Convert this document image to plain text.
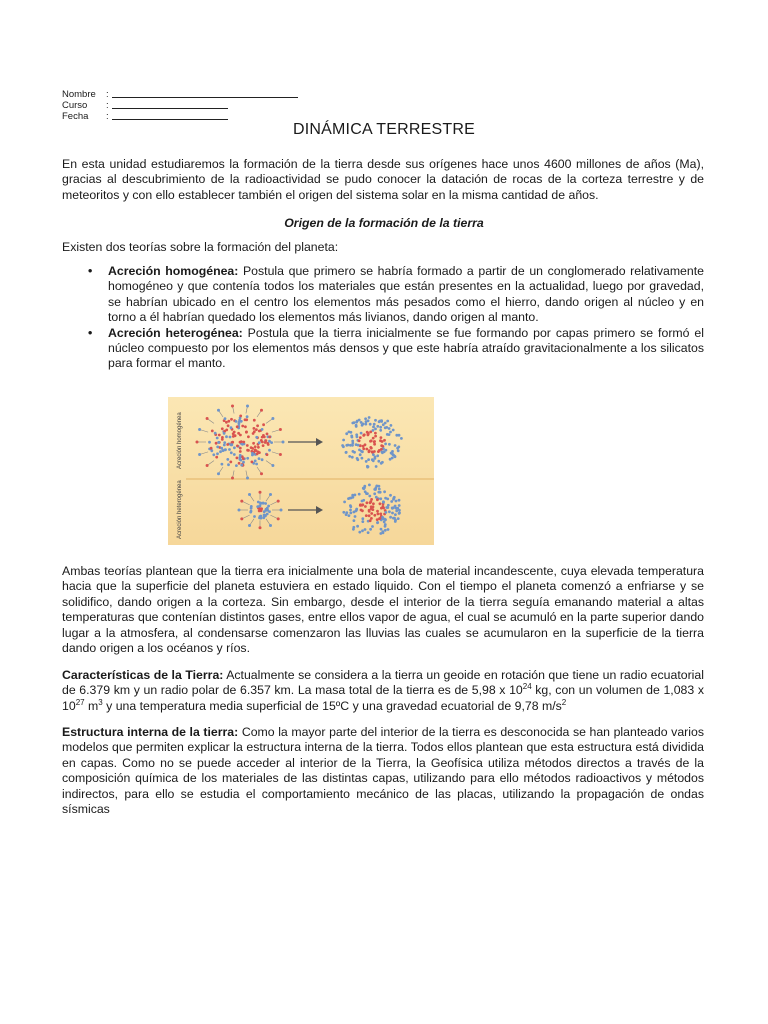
Nombre	:
Curso	:
Fecha	:
DINÁMICA TERRESTRE
En esta unidad estudiaremos la formación de la tierra desde sus orígenes hace unos 4600 millones de años (Ma), gracias al descubrimiento de la radioactividad se pudo conocer la datación de rocas de la corteza terrestre y de meteoritos y con ello establecer también el origen del sistema solar en la misma cantidad de años.
Origen de la formación de la tierra
Existen dos teorías sobre la formación del planeta:
• Acreción homogénea: Postula que primero se habría formado a partir de un conglomerado relativamente homogéneo y que contenía todos los materiales que están presentes en la actualidad, luego por gravedad, se habrían ubicado en el centro los elementos más pesados como el hierro, dando origen al núcleo y en torno a él habrían quedado los elementos más livianos, dando origen al manto.
• Acreción heterogénea: Postula que la tierra inicialmente se fue formando por capas primero se formó el núcleo compuesto por los elementos más densos y que este habría atraído gravitacionalmente a los silicatos para formar el manto.
Acreción homogénea
Acreción heterogénea
Ambas teorías plantean que la tierra era inicialmente una bola de material incandescente, cuya elevada temperatura hacia que la superficie del planeta estuviera en estado liquido. Con el tiempo el planeta comenzó a enfriarse y se solidifico, dando origen a la corteza. Sin embargo, desde el interior de la tierra seguía emanando material a altas temperaturas que contenían distintos gases, entre ellos vapor de agua, el cual se acumuló en la parte superior dando lugar a la atmosfera, al condensarse comenzaron las lluvias las cuales se acumularon en la superficie de la tierra dando origen a los océanos y ríos.
Características de la Tierra: Actualmente se considera a la tierra un geoide en rotación que tiene un radio ecuatorial de 6.379 km y un radio polar de 6.357 km. La masa total de la tierra es de 5,98 x $10^{24}$ kg, con un volumen de 1,083 x $10^{27}$ $m^3$ y una temperatura media superficial de 15ºC y una gravedad ecuatorial de 9,78 $m/s^2$
Estructura interna de la tierra: Como la mayor parte del interior de la tierra es desconocida se han planteado varios modelos que permiten explicar la estructura interna de la tierra. Todos ellos plantean que esta estructura está dividida en capas. Como no se puede acceder al interior de la Tierra, la Geofísica utiliza métodos directos a través de la composición química de los materiales de las distintas capas, utilizando para ello métodos radioactivos y métodos indirectos, para ello se estudia el comportamiento mecánico de las placas, utilizando la propagación de ondas sísmicas
